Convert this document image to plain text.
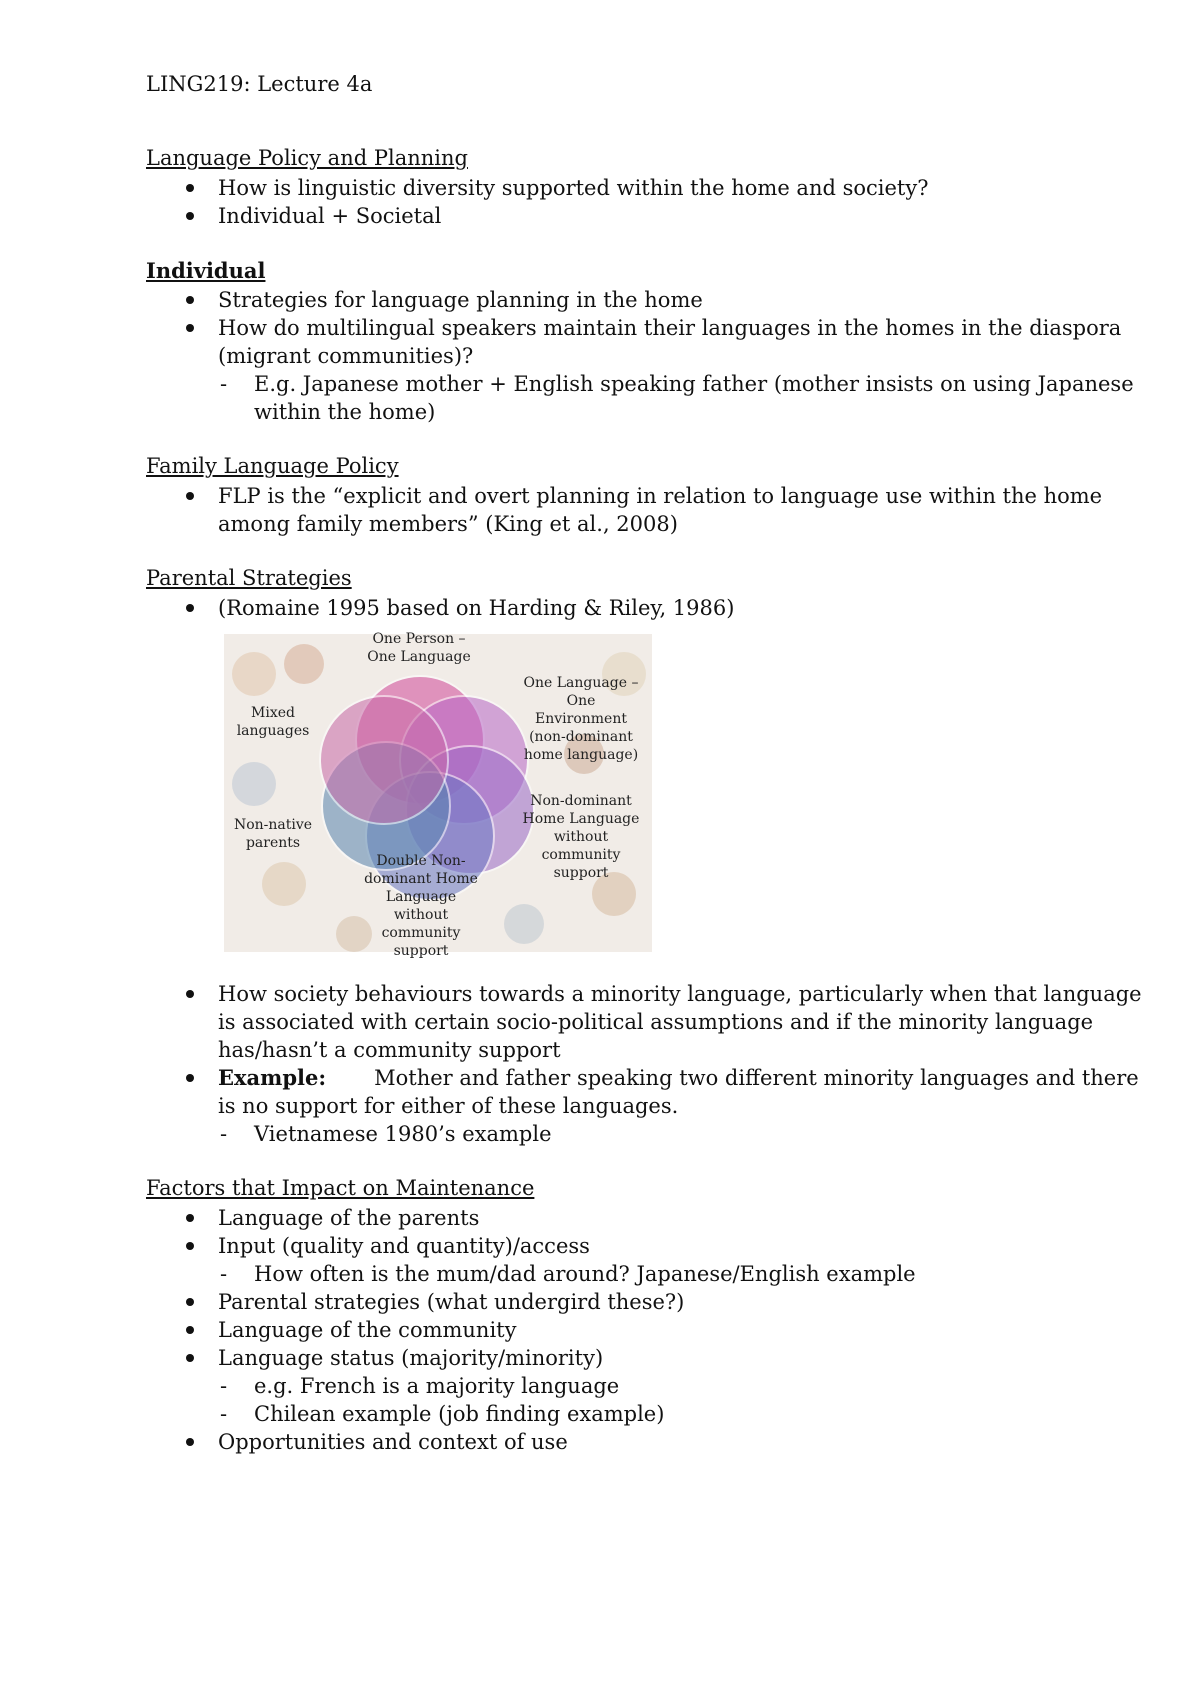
LING219: Lecture 4a
Language Policy and Planning
How is linguistic diversity supported within the home and society?
Individual + Societal
Individual
Strategies for language planning in the home
How do multilingual speakers maintain their languages in the homes in the diaspora
(migrant communities)?
- E.g. Japanese mother + English speaking father (mother insists on using Japanese
within the home)
Family Language Policy
FLP is the “explicit and overt planning in relation to language use within the home
among family members” (King et al., 2008)
Parental Strategies
(Romaine 1995 based on Harding & Riley, 1986)
One Person –
One Language
One Language –
One
Environment
(non-dominant
home language)
Mixed
languages
Non-dominant
Home Language
without
community
support
Non-native
parents
Double Non-
dominant Home
Language
without
community
support
How society behaviours towards a minority language, particularly when that language
is associated with certain socio-political assumptions and if the minority language
has/hasn’t a community support
Example: Mother and father speaking two different minority languages and there
is no support for either of these languages.
- Vietnamese 1980’s example
Factors that Impact on Maintenance
Language of the parents
Input (quality and quantity)/access
- How often is the mum/dad around? Japanese/English example
Parental strategies (what undergird these?)
Language of the community
Language status (majority/minority)
- e.g. French is a majority language
- Chilean example (job finding example)
Opportunities and context of use
